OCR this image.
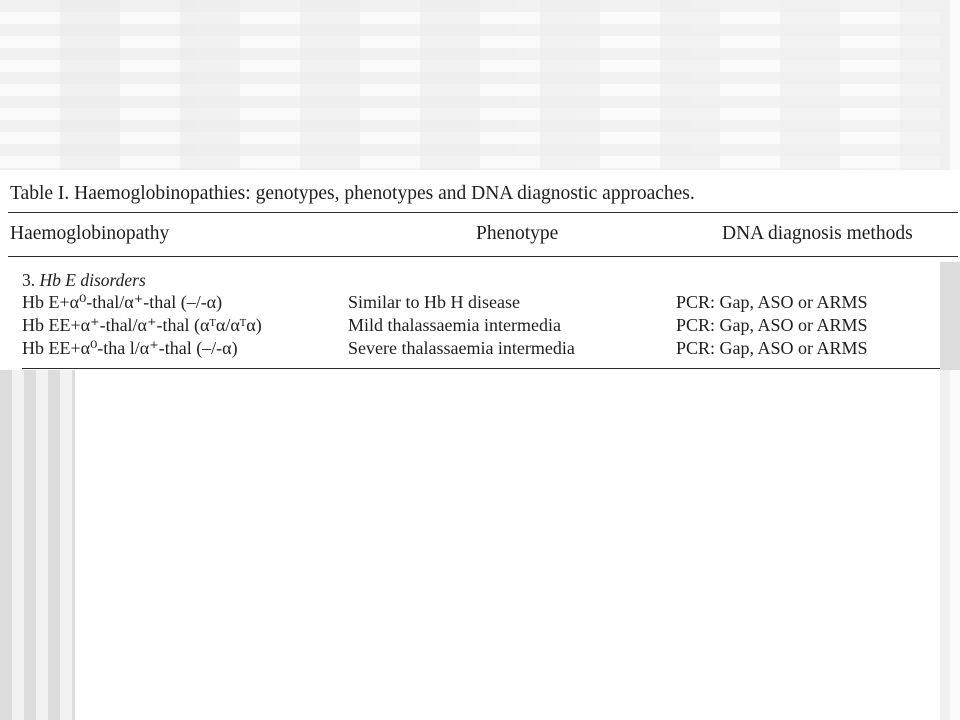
Table I. Haemoglobinopathies: genotypes, phenotypes and DNA diagnostic approaches.
Haemoglobinopathy	Phenotype	DNA diagnosis methods
3. Hb E disorders
Hb E+α⁰-thal/α⁺-thal (–/-α)	Similar to Hb H disease	PCR: Gap, ASO or ARMS
Hb EE+α⁺-thal/α⁺-thal (αᵀα/αᵀα)	Mild thalassaemia intermedia	PCR: Gap, ASO or ARMS
Hb EE+α⁰-tha l/α⁺-thal (–/-α)	Severe thalassaemia intermedia	PCR: Gap, ASO or ARMS
